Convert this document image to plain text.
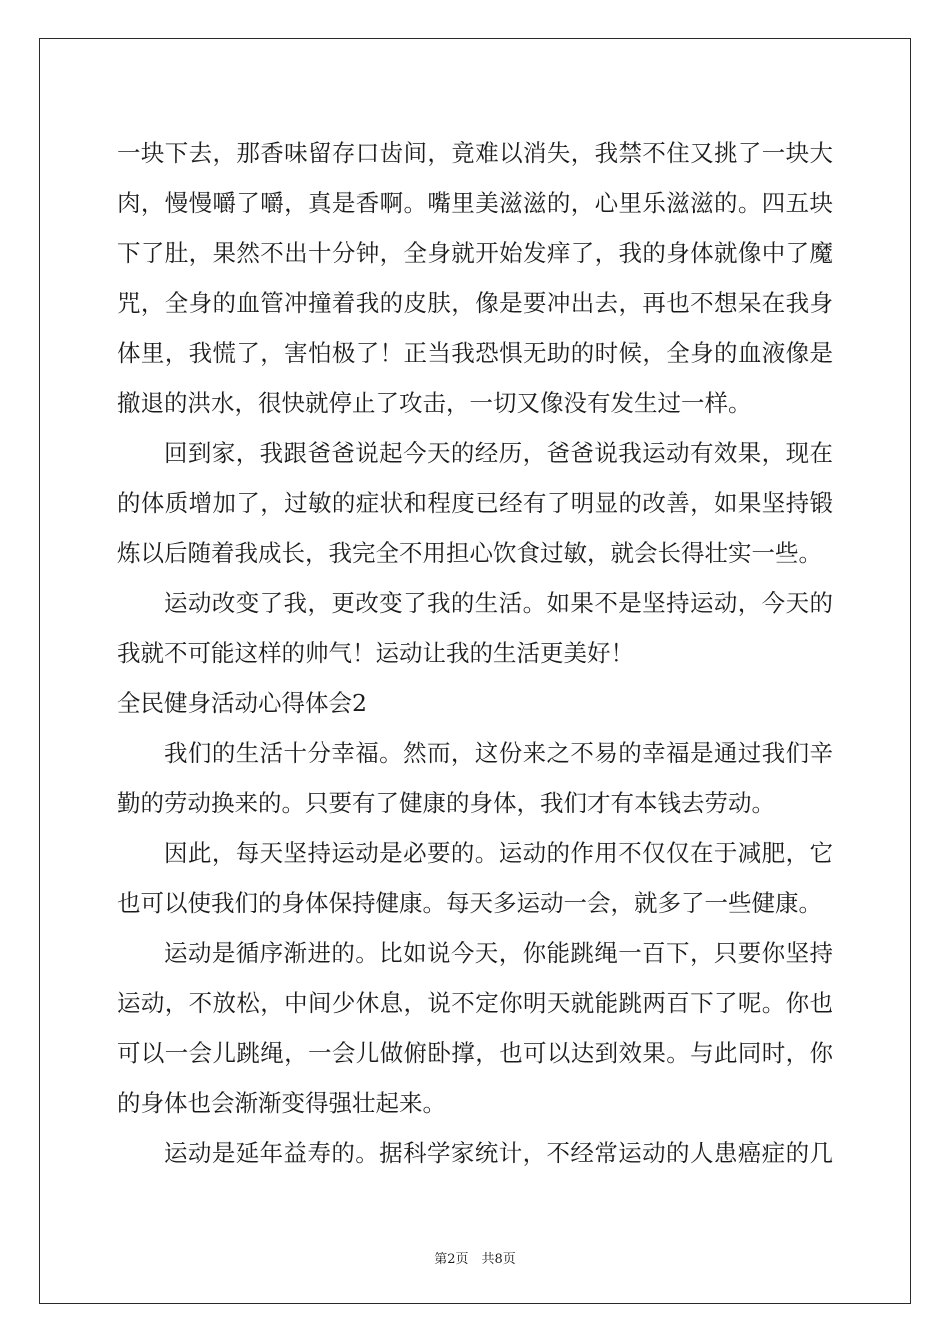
一块下去，那香味留存口齿间，竟难以消失，我禁不住又挑了一块大
肉，慢慢嚼了嚼，真是香啊。嘴里美滋滋的，心里乐滋滋的。四五块
下了肚，果然不出十分钟，全身就开始发痒了，我的身体就像中了魔
咒，全身的血管冲撞着我的皮肤，像是要冲出去，再也不想呆在我身
体里，我慌了，害怕极了！正当我恐惧无助的时候，全身的血液像是
撤退的洪水，很快就停止了攻击，一切又像没有发生过一样。
回到家，我跟爸爸说起今天的经历，爸爸说我运动有效果，现在
的体质增加了，过敏的症状和程度已经有了明显的改善，如果坚持锻
炼以后随着我成长，我完全不用担心饮食过敏，就会长得壮实一些。
运动改变了我，更改变了我的生活。如果不是坚持运动，今天的
我就不可能这样的帅气！运动让我的生活更美好！
全民健身活动心得体会2
我们的生活十分幸福。然而，这份来之不易的幸福是通过我们辛
勤的劳动换来的。只要有了健康的身体，我们才有本钱去劳动。
因此，每天坚持运动是必要的。运动的作用不仅仅在于减肥，它
也可以使我们的身体保持健康。每天多运动一会，就多了一些健康。
运动是循序渐进的。比如说今天，你能跳绳一百下，只要你坚持
运动，不放松，中间少休息，说不定你明天就能跳两百下了呢。你也
可以一会儿跳绳，一会儿做俯卧撑，也可以达到效果。与此同时，你
的身体也会渐渐变得强壮起来。
运动是延年益寿的。据科学家统计，不经常运动的人患癌症的几
第2页　共8页
